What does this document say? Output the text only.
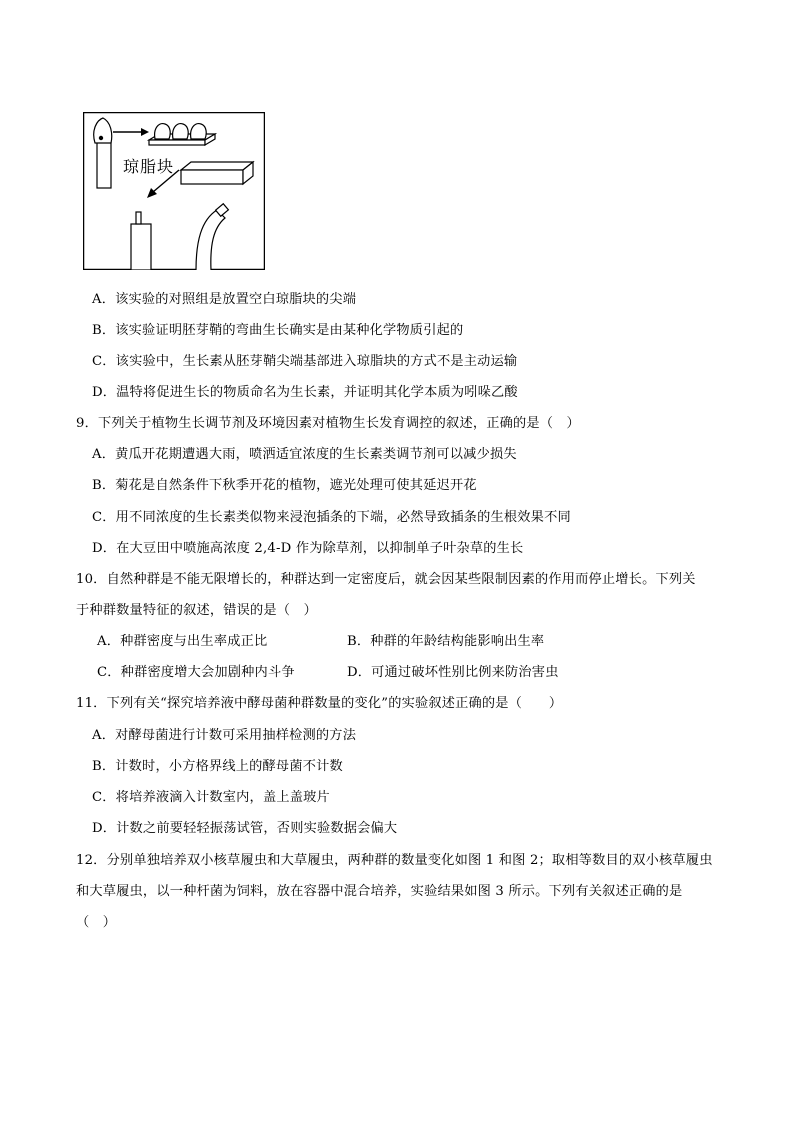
琼脂块
A．该实验的对照组是放置空白琼脂块的尖端
B．该实验证明胚芽鞘的弯曲生长确实是由某种化学物质引起的
C．该实验中，生长素从胚芽鞘尖端基部进入琼脂块的方式不是主动运输
D．温特将促进生长的物质命名为生长素，并证明其化学本质为吲哚乙酸
9．下列关于植物生长调节剂及环境因素对植物生长发育调控的叙述，正确的是（　）
A．黄瓜开花期遭遇大雨，喷洒适宜浓度的生长素类调节剂可以减少损失
B．菊花是自然条件下秋季开花的植物，遮光处理可使其延迟开花
C．用不同浓度的生长素类似物来浸泡插条的下端，必然导致插条的生根效果不同
D．在大豆田中喷施高浓度 2,4-D 作为除草剂，以抑制单子叶杂草的生长
10．自然种群是不能无限增长的，种群达到一定密度后，就会因某些限制因素的作用而停止增长。下列关
于种群数量特征的叙述，错误的是（　）
A．种群密度与出生率成正比	B．种群的年龄结构能影响出生率
C．种群密度增大会加剧种内斗争	D．可通过破坏性别比例来防治害虫
11．下列有关“探究培养液中酵母菌种群数量的变化”的实验叙述正确的是（　　）
A．对酵母菌进行计数可采用抽样检测的方法
B．计数时，小方格界线上的酵母菌不计数
C．将培养液滴入计数室内，盖上盖玻片
D．计数之前要轻轻振荡试管，否则实验数据会偏大
12．分别单独培养双小核草履虫和大草履虫，两种群的数量变化如图 1 和图 2；取相等数目的双小核草履虫
和大草履虫，以一种杆菌为饲料，放在容器中混合培养，实验结果如图 3 所示。下列有关叙述正确的是
（　）
